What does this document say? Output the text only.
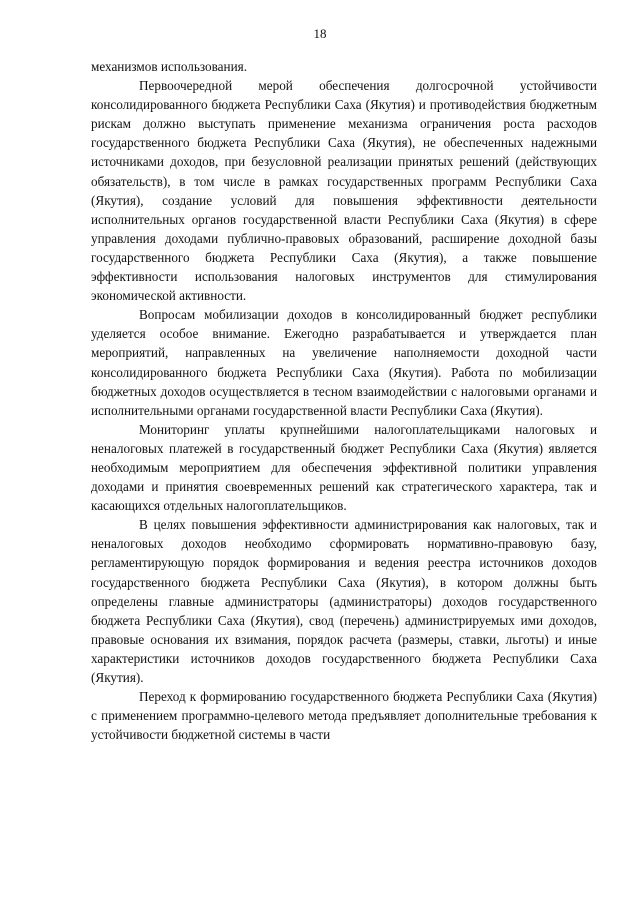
18

механизмов использования.

Первоочередной мерой обеспечения долгосрочной устойчивости консолидированного бюджета Республики Саха (Якутия) и противодействия бюджетным рискам должно выступать применение механизма ограничения роста расходов государственного бюджета Республики Саха (Якутия), не обеспеченных надежными источниками доходов, при безусловной реализации принятых решений (действующих обязательств), в том числе в рамках государственных программ Республики Саха (Якутия), создание условий для повышения эффективности деятельности исполнительных органов государственной власти Республики Саха (Якутия) в сфере управления доходами публично-правовых образований, расширение доходной базы государственного бюджета Республики Саха (Якутия), а также повышение эффективности использования налоговых инструментов для стимулирования экономической активности.

Вопросам мобилизации доходов в консолидированный бюджет республики уделяется особое внимание. Ежегодно разрабатывается и утверждается план мероприятий, направленных на увеличение наполняемости доходной части консолидированного бюджета Республики Саха (Якутия). Работа по мобилизации бюджетных доходов осуществляется в тесном взаимодействии с налоговыми органами и исполнительными органами государственной власти Республики Саха (Якутия).

Мониторинг уплаты крупнейшими налогоплательщиками налоговых и неналоговых платежей в государственный бюджет Республики Саха (Якутия) является необходимым мероприятием для обеспечения эффективной политики управления доходами и принятия своевременных решений как стратегического характера, так и касающихся отдельных налогоплательщиков.

В целях повышения эффективности администрирования как налоговых, так и неналоговых доходов необходимо сформировать нормативно-правовую базу, регламентирующую порядок формирования и ведения реестра источников доходов государственного бюджета Республики Саха (Якутия), в котором должны быть определены главные администраторы (администраторы) доходов государственного бюджета Республики Саха (Якутия), свод (перечень) администрируемых ими доходов, правовые основания их взимания, порядок расчета (размеры, ставки, льготы) и иные характеристики источников доходов государственного бюджета Республики Саха (Якутия).

Переход к формированию государственного бюджета Республики Саха (Якутия) с применением программно-целевого метода предъявляет дополнительные требования к устойчивости бюджетной системы в части
